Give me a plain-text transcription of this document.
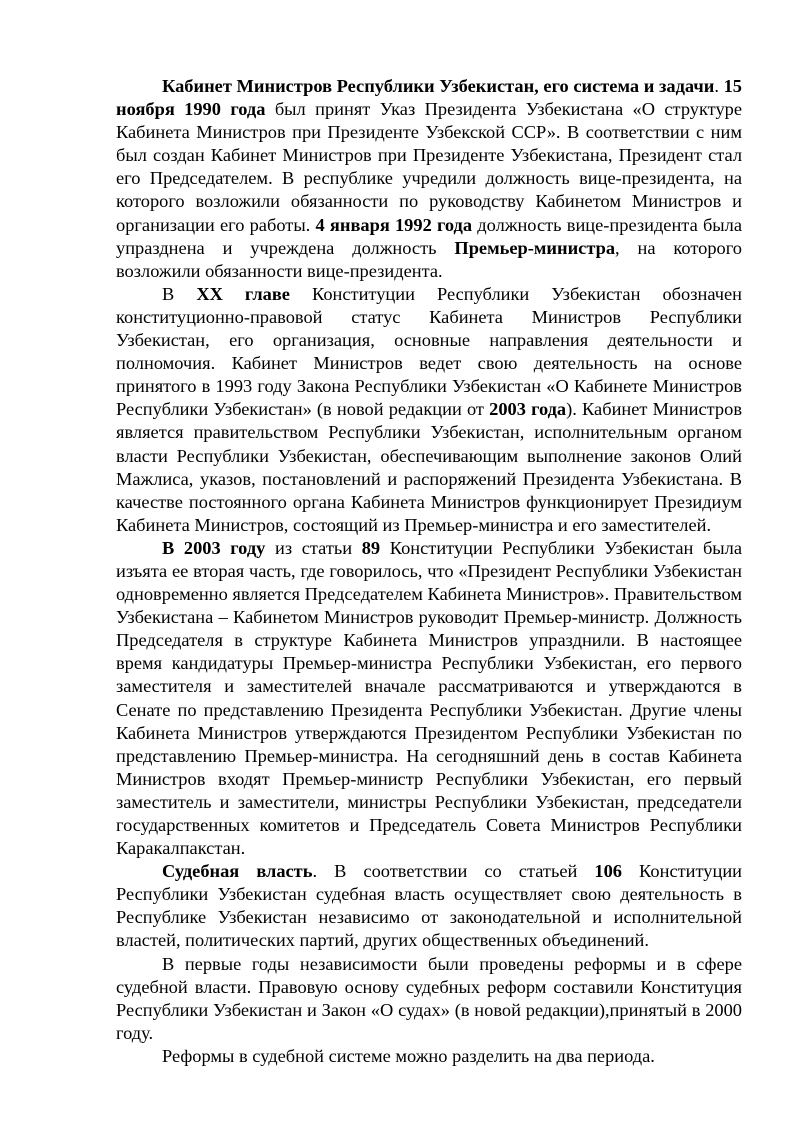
Кабинет Министров Республики Узбекистан, его система и задачи. 15 ноября 1990 года был принят Указ Президента Узбекистана «О структуре Кабинета Министров при Президенте Узбекской ССР». В соответствии с ним был создан Кабинет Министров при Президенте Узбекистана, Президент стал его Председателем. В республике учредили должность вице-президента, на которого возложили обязанности по руководству Кабинетом Министров и организации его работы. 4 января 1992 года должность вице-президента была упразднена и учреждена должность Премьер-министра, на которого возложили обязанности вице-президента.

В XX главе Конституции Республики Узбекистан обозначен конституционно-правовой статус Кабинета Министров Республики Узбекистан, его организация, основные направления деятельности и полномочия. Кабинет Министров ведет свою деятельность на основе принятого в 1993 году Закона Республики Узбекистан «О Кабинете Министров Республики Узбекистан» (в новой редакции от 2003 года). Кабинет Министров является правительством Республики Узбекистан, исполнительным органом власти Республики Узбекистан, обеспечивающим выполнение законов Олий Мажлиса, указов, постановлений и распоряжений Президента Узбекистана. В качестве постоянного органа Кабинета Министров функционирует Президиум Кабинета Министров, состоящий из Премьер-министра и его заместителей.

В 2003 году из статьи 89 Конституции Республики Узбекистан была изъята ее вторая часть, где говорилось, что «Президент Республики Узбекистан одновременно является Председателем Кабинета Министров». Правительством Узбекистана – Кабинетом Министров руководит Премьер-министр. Должность Председателя в структуре Кабинета Министров упразднили. В настоящее время кандидатуры Премьер-министра Республики Узбекистан, его первого заместителя и заместителей вначале рассматриваются и утверждаются в Сенате по представлению Президента Республики Узбекистан. Другие члены Кабинета Министров утверждаются Президентом Республики Узбекистан по представлению Премьер-министра. На сегодняшний день в состав Кабинета Министров входят Премьер-министр Республики Узбекистан, его первый заместитель и заместители, министры Республики Узбекистан, председатели государственных комитетов и Председатель Совета Министров Республики Каракалпакстан.

Судебная власть. В соответствии со статьей 106 Конституции Республики Узбекистан судебная власть осуществляет свою деятельность в Республике Узбекистан независимо от законодательной и исполнительной властей, политических партий, других общественных объединений.

В первые годы независимости были проведены реформы и в сфере судебной власти. Правовую основу судебных реформ составили Конституция Республики Узбекистан и Закон «О судах» (в новой редакции),принятый в 2000 году.

Реформы в судебной системе можно разделить на два периода.
